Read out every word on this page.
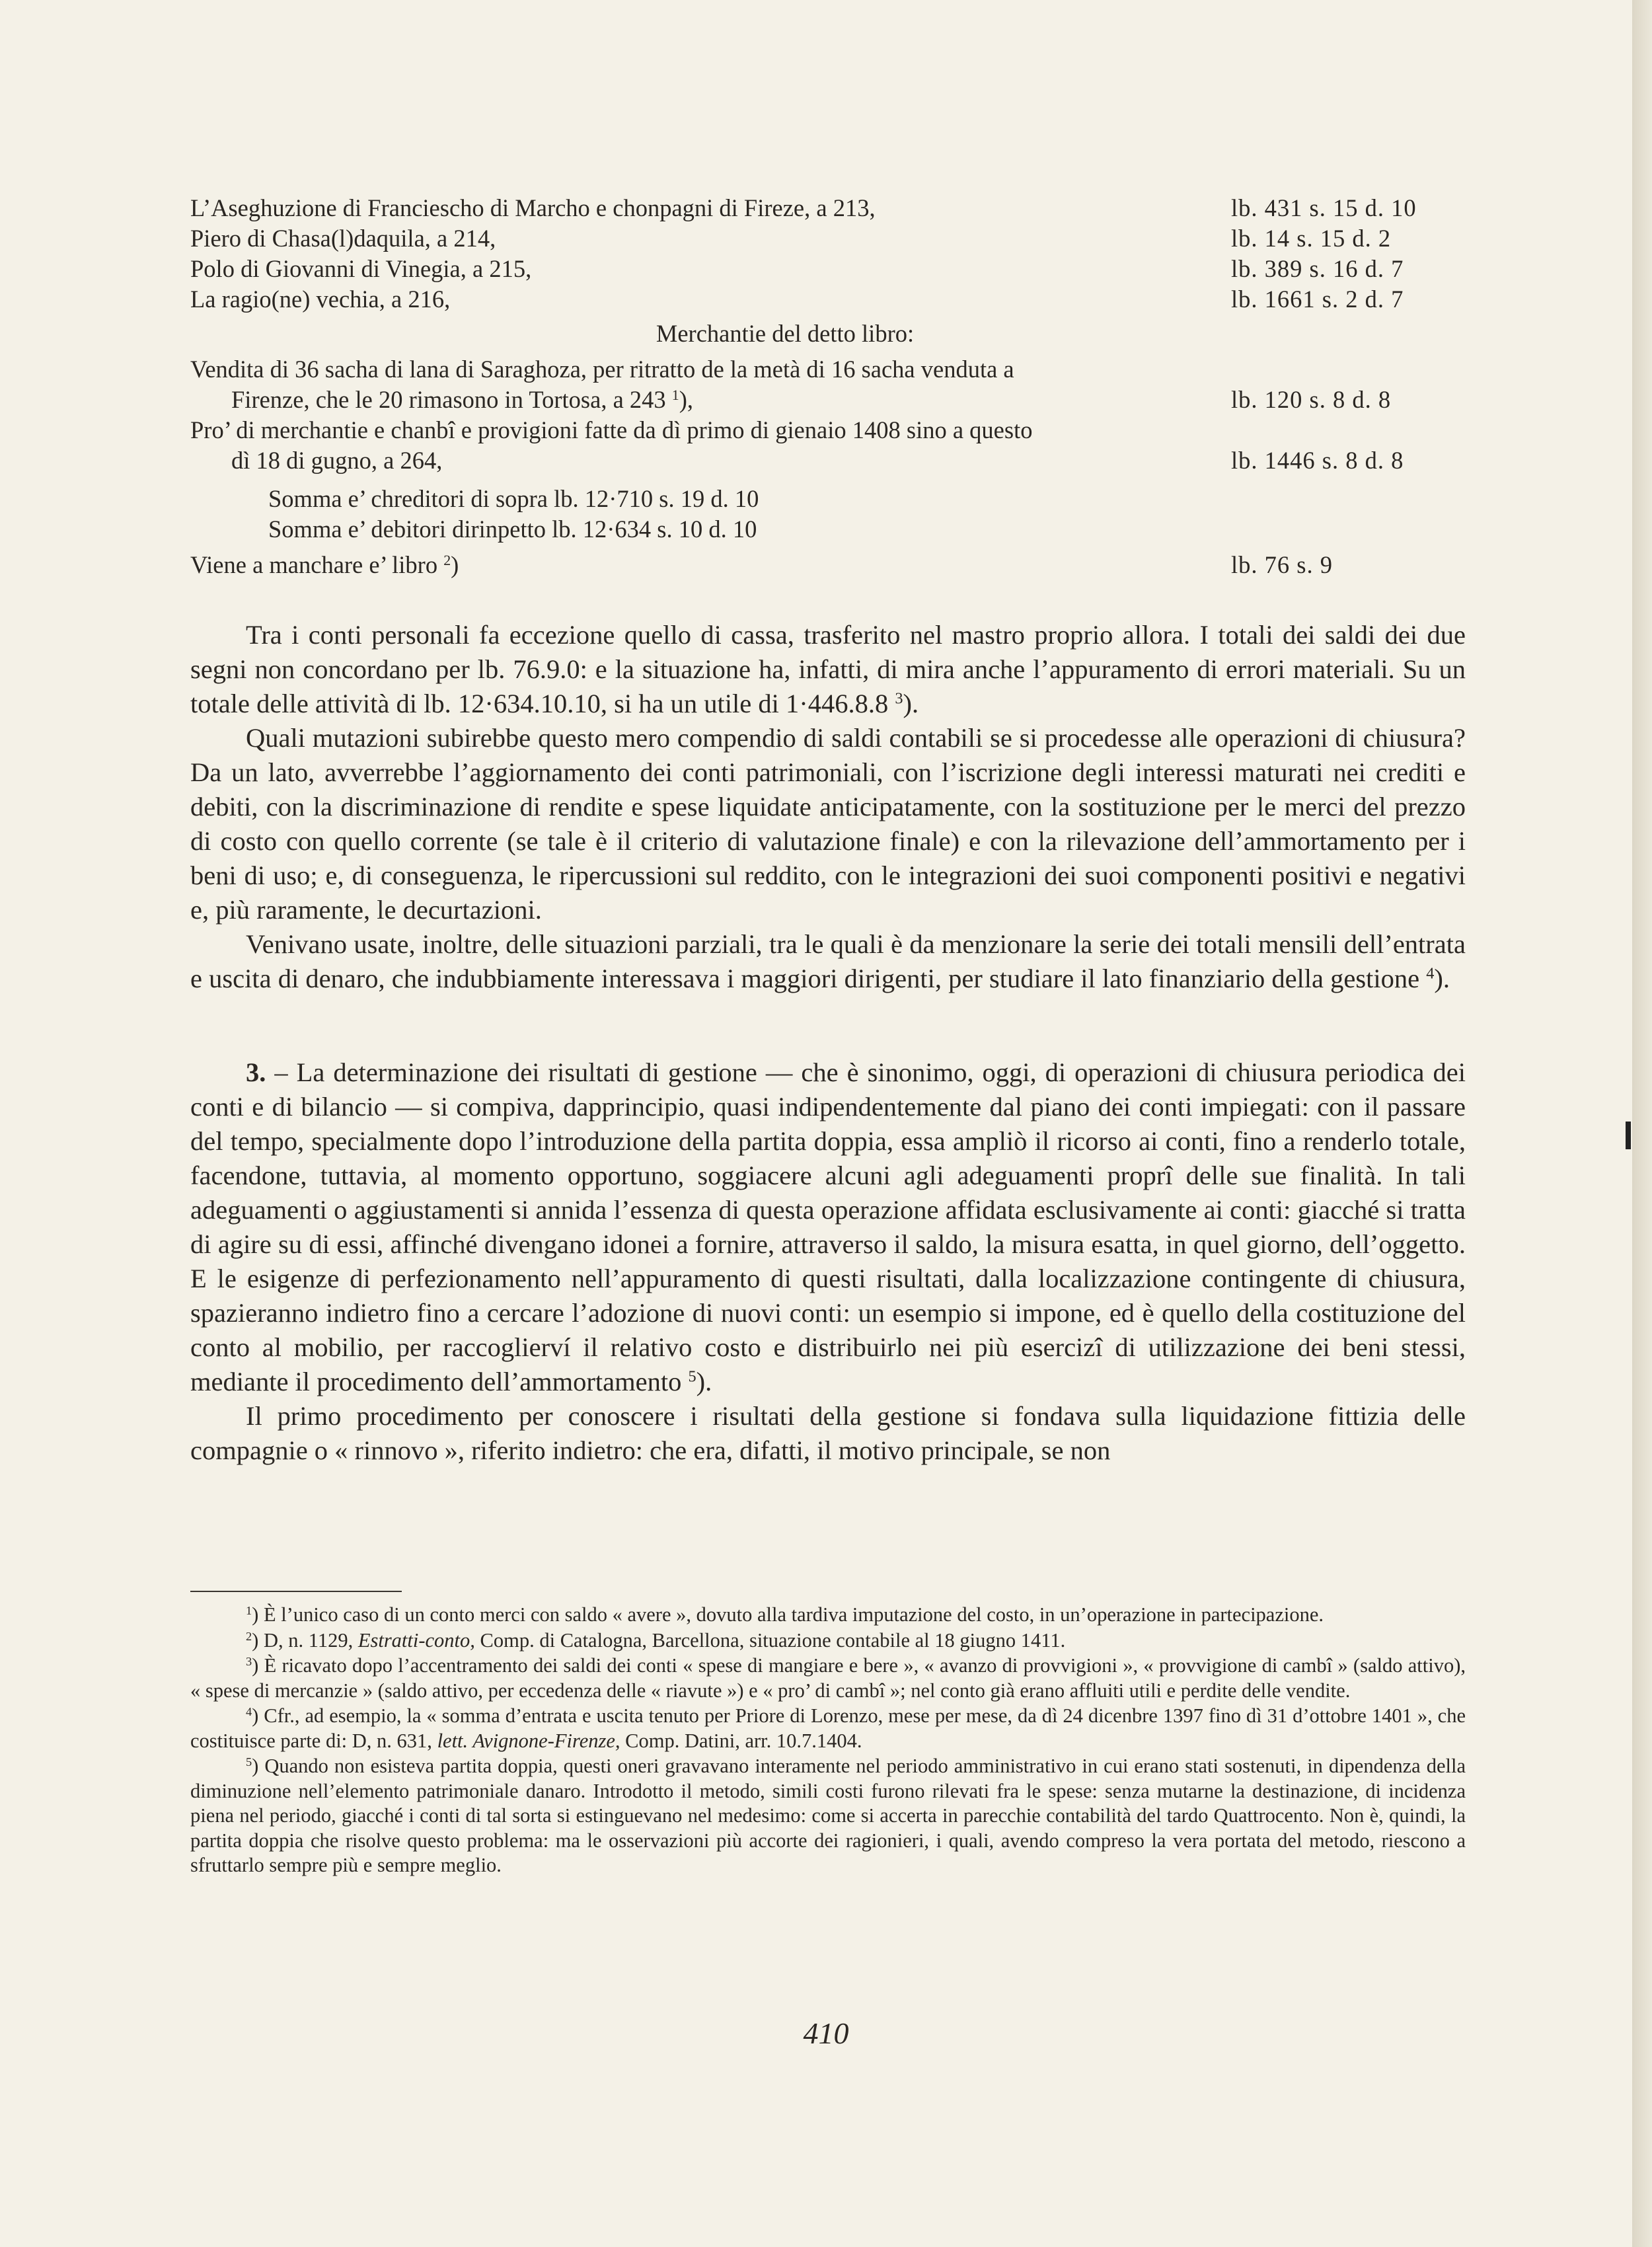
L’Aseghuzione di Franciescho di Marcho e chonpagni di Fireze, a 213,	lb. 431 s. 15 d. 10
Piero di Chasa(l)daquila, a 214,	lb. 14 s. 15 d. 2
Polo di Giovanni di Vinegia, a 215,	lb. 389 s. 16 d. 7
La ragio(ne) vechia, a 216,	lb. 1661 s. 2 d. 7
Merchantie del detto libro:
Vendita di 36 sacha di lana di Saraghoza, per ritratto de la metà di 16 sacha venduta a
Firenze, che le 20 rimasono in Tortosa, a 243 $^1$),	lb. 120 s. 8 d. 8
Pro’ di merchantie e chanbî e provigioni fatte da dì primo di gienaio 1408 sino a questo
dì 18 di gugno, a 264,	lb. 1446 s. 8 d. 8
Somma e’ chreditori di sopra lb. 12·710 s. 19 d. 10
Somma e’ debitori dirinpetto lb. 12·634 s. 10 d. 10
Viene a manchare e’ libro $^2$)	lb. 76 s. 9

Tra i conti personali fa eccezione quello di cassa, trasferito nel mastro proprio allora. I totali dei saldi dei due segni non concordano per lb. 76.9.0: e la situazione ha, infatti, di mira anche l’appuramento di errori materiali. Su un totale delle attività di lb. 12·634.10.10, si ha un utile di 1·446.8.8 $^3$).

Quali mutazioni subirebbe questo mero compendio di saldi contabili se si procedesse alle operazioni di chiusura? Da un lato, avverrebbe l’aggiornamento dei conti patrimoniali, con l’iscrizione degli interessi maturati nei crediti e debiti, con la discriminazione di rendite e spese liquidate anticipatamente, con la sostituzione per le merci del prezzo di costo con quello corrente (se tale è il criterio di valutazione finale) e con la rilevazione dell’ammortamento per i beni di uso; e, di conseguenza, le ripercussioni sul reddito, con le integrazioni dei suoi componenti positivi e negativi e, più raramente, le decurtazioni.

Venivano usate, inoltre, delle situazioni parziali, tra le quali è da menzionare la serie dei totali mensili dell’entrata e uscita di denaro, che indubbiamente interessava i maggiori dirigenti, per studiare il lato finanziario della gestione $^4$).

3. – La determinazione dei risultati di gestione — che è sinonimo, oggi, di operazioni di chiusura periodica dei conti e di bilancio — si compiva, dapprincipio, quasi indipendentemente dal piano dei conti impiegati: con il passare del tempo, specialmente dopo l’introduzione della partita doppia, essa ampliò il ricorso ai conti, fino a renderlo totale, facendone, tuttavia, al momento opportuno, soggiacere alcuni agli adeguamenti proprî delle sue finalità. In tali adeguamenti o aggiustamenti si annida l’essenza di questa operazione affidata esclusivamente ai conti: giacché si tratta di agire su di essi, affinché divengano idonei a fornire, attraverso il saldo, la misura esatta, in quel giorno, dell’oggetto. E le esigenze di perfezionamento nell’appuramento di questi risultati, dalla localizzazione contingente di chiusura, spazieranno indietro fino a cercare l’adozione di nuovi conti: un esempio si impone, ed è quello della costituzione del conto al mobilio, per raccoglierví il relativo costo e distribuirlo nei più esercizî di utilizzazione dei beni stessi, mediante il procedimento dell’ammortamento $^5$).

Il primo procedimento per conoscere i risultati della gestione si fondava sulla liquidazione fittizia delle compagnie o « rinnovo », riferito indietro: che era, difatti, il motivo principale, se non

$^1$) È l’unico caso di un conto merci con saldo « avere », dovuto alla tardiva imputazione del costo, in un’operazione in partecipazione.

$^2$) D, n. 1129, Estratti-conto, Comp. di Catalogna, Barcellona, situazione contabile al 18 giugno 1411.

$^3$) È ricavato dopo l’accentramento dei saldi dei conti « spese di mangiare e bere », « avanzo di provvigioni », « provvigione di cambî » (saldo attivo), « spese di mercanzie » (saldo attivo, per eccedenza delle « riavute ») e « pro’ di cambî »; nel conto già erano affluiti utili e perdite delle vendite.

$^4$) Cfr., ad esempio, la « somma d’entrata e uscita tenuto per Priore di Lorenzo, mese per mese, da dì 24 dicenbre 1397 fino dì 31 d’ottobre 1401 », che costituisce parte di: D, n. 631, lett. Avignone-Firenze, Comp. Datini, arr. 10.7.1404.

$^5$) Quando non esisteva partita doppia, questi oneri gravavano interamente nel periodo amministrativo in cui erano stati sostenuti, in dipendenza della diminuzione nell’elemento patrimoniale danaro. Introdotto il metodo, simili costi furono rilevati fra le spese: senza mutarne la destinazione, di incidenza piena nel periodo, giacché i conti di tal sorta si estinguevano nel medesimo: come si accerta in parecchie contabilità del tardo Quattrocento. Non è, quindi, la partita doppia che risolve questo problema: ma le osservazioni più accorte dei ragionieri, i quali, avendo compreso la vera portata del metodo, riescono a sfruttarlo sempre più e sempre meglio.

410
